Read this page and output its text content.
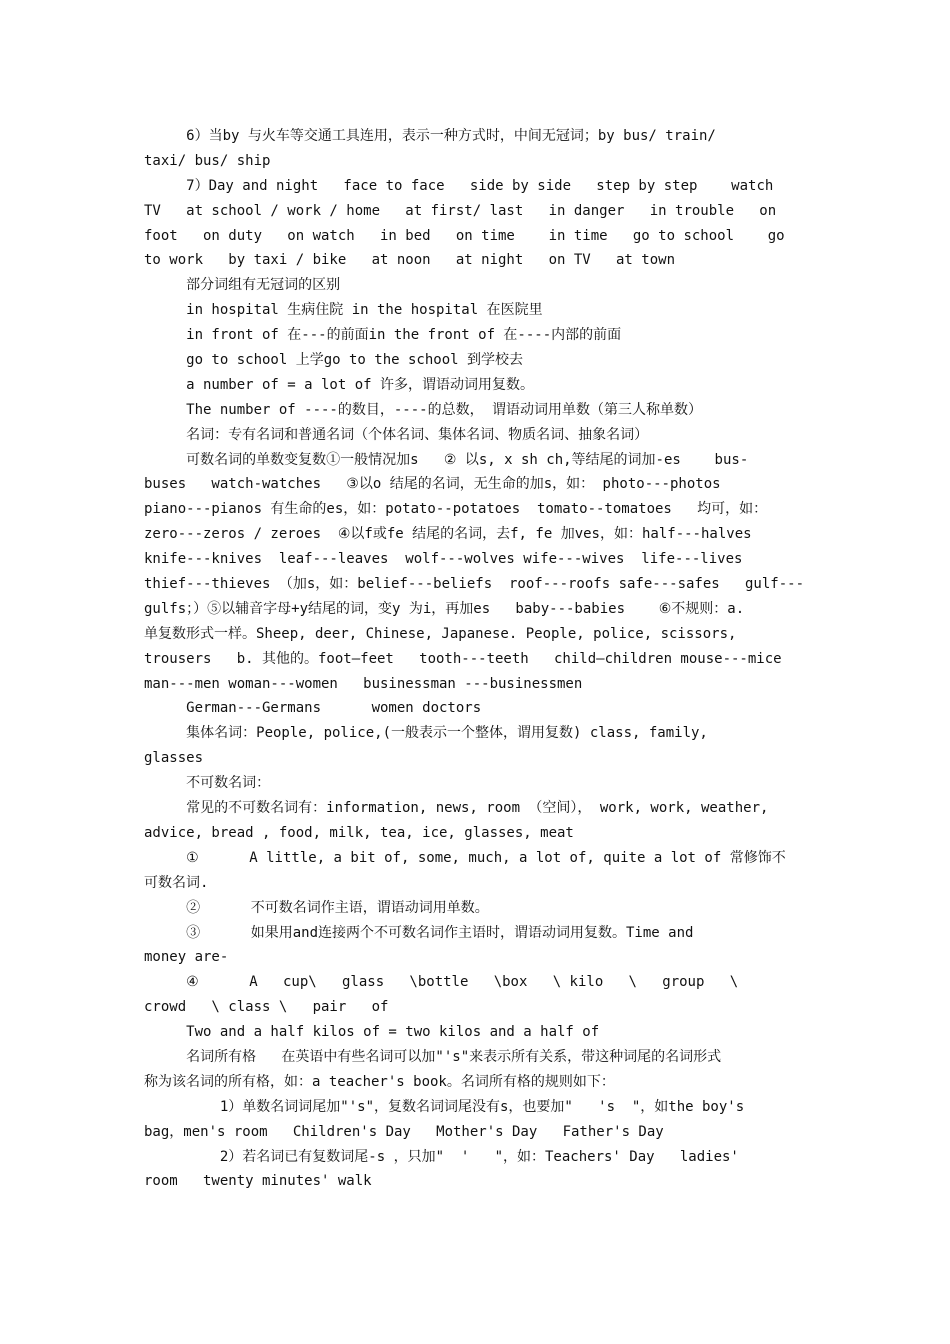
6）当by 与火车等交通工具连用，表示一种方式时，中间无冠词；by bus/ train/
taxi/ bus/ ship
7）Day and night   face to face   side by side   step by step    watch
TV   at school / work / home   at first/ last   in danger   in trouble   on
foot   on duty   on watch   in bed   on time    in time   go to school    go
to work   by taxi / bike   at noon   at night   on TV   at town
部分词组有无冠词的区别
in hospital 生病住院 in the hospital 在医院里
in front of 在---的前面in the front of 在----内部的前面
go to school 上学go to the school 到学校去
a number of = a lot of 许多，谓语动词用复数。
The number of ----的数目，----的总数， 谓语动词用单数（第三人称单数）
名词：专有名词和普通名词（个体名词、集体名词、物质名词、抽象名词）
可数名词的单数变复数①一般情况加s   ② 以s, x sh ch,等结尾的词加-es    bus-
buses   watch-watches   ③以o 结尾的名词，无生命的加s，如： photo---photos
piano---pianos 有生命的es，如：potato--potatoes  tomato--tomatoes   均可，如：
zero---zeros / zeroes  ④以f或fe 结尾的名词，去f, fe 加ves，如：half---halves
knife---knives  leaf---leaves  wolf---wolves wife---wives  life---lives
thief---thieves （加s，如：belief---beliefs  roof---roofs safe---safes   gulf---
gulfs；）⑤以辅音字母+y结尾的词，变y 为i，再加es   baby---babies    ⑥不规则：a.
单复数形式一样。Sheep, deer, Chinese, Japanese. People, police, scissors,
trousers   b. 其他的。foot—feet   tooth---teeth   child—children mouse---mice
man---men woman---women   businessman ---businessmen
German---Germans      women doctors
集体名词：People, police,(一般表示一个整体，谓用复数) class, family,
glasses
不可数名词：
常见的不可数名词有：information, news, room （空间）， work, work, weather,
advice, bread , food, milk, tea, ice, glasses, meat
①      A little, a bit of, some, much, a lot of, quite a lot of 常修饰不
可数名词.
②      不可数名词作主语，谓语动词用单数。
③      如果用and连接两个不可数名词作主语时，谓语动词用复数。Time and
money are-
④      A   cup\   glass   \bottle   \box   \ kilo   \   group   \
crowd   \ class \   pair   of
Two and a half kilos of = two kilos and a half of
名词所有格   在英语中有些名词可以加"'s"来表示所有关系，带这种词尾的名词形式
称为该名词的所有格，如：a teacher's book。名词所有格的规则如下：
1）单数名词词尾加"'s"，复数名词词尾没有s，也要加"   's  "，如the boy's
bag，men's room   Children's Day   Mother's Day   Father's Day
2）若名词已有复数词尾-s ，只加"  '   "，如：Teachers' Day   ladies'
room   twenty minutes' walk
